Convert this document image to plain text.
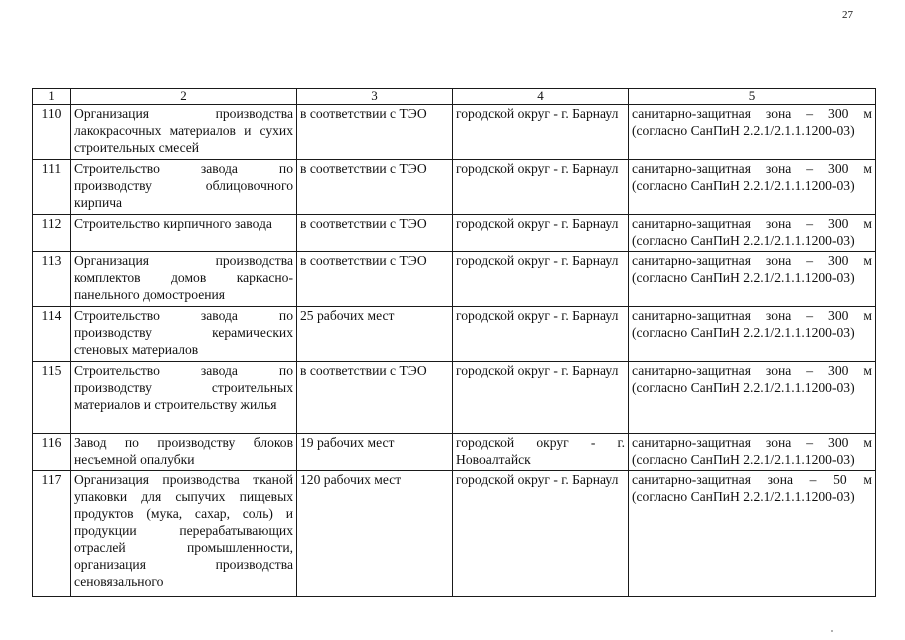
27
1	2	3	4	5
110	Организация производства лакокрасочных материалов и сухих строительных смесей	в соответствии с ТЭО	городской округ - г. Барнаул	санитарно-защитная зона – 300 м
(согласно СанПиН 2.2.1/2.1.1.1200-03)

111	Строительство завода по производству облицовочного кирпича	в соответствии с ТЭО	городской округ - г. Барнаул	санитарно-защитная зона – 300 м
(согласно СанПиН 2.2.1/2.1.1.1200-03)

112	Строительство кирпичного завода	в соответствии с ТЭО	городской округ - г. Барнаул	санитарно-защитная зона – 300 м
(согласно СанПиН 2.2.1/2.1.1.1200-03)

113	Организация производства комплектов домов каркасно-панельного домостроения	в соответствии с ТЭО	городской округ - г. Барнаул	санитарно-защитная зона – 300 м
(согласно СанПиН 2.2.1/2.1.1.1200-03)

114	Строительство завода по производству керамических стеновых материалов	25 рабочих мест	городской округ - г. Барнаул	санитарно-защитная зона – 300 м
(согласно СанПиН 2.2.1/2.1.1.1200-03)

115	Строительство завода по производству строительных материалов и строительству жилья	в соответствии с ТЭО	городской округ - г. Барнаул	санитарно-защитная зона – 300 м
(согласно СанПиН 2.2.1/2.1.1.1200-03)

116	Завод по производству блоков несъемной опалубки	19 рабочих мест	городской округ - г. Новоалтайск	санитарно-защитная зона – 300 м
(согласно СанПиН 2.2.1/2.1.1.1200-03)

117	Организация производства тканой упаковки для сыпучих пищевых продуктов (мука, сахар, соль) и продукции перерабатывающих отраслей промышленности, организация производства сеновязального	120 рабочих мест	городской округ - г. Барнаул	санитарно-защитная зона – 50 м
(согласно СанПиН 2.2.1/2.1.1.1200-03)
